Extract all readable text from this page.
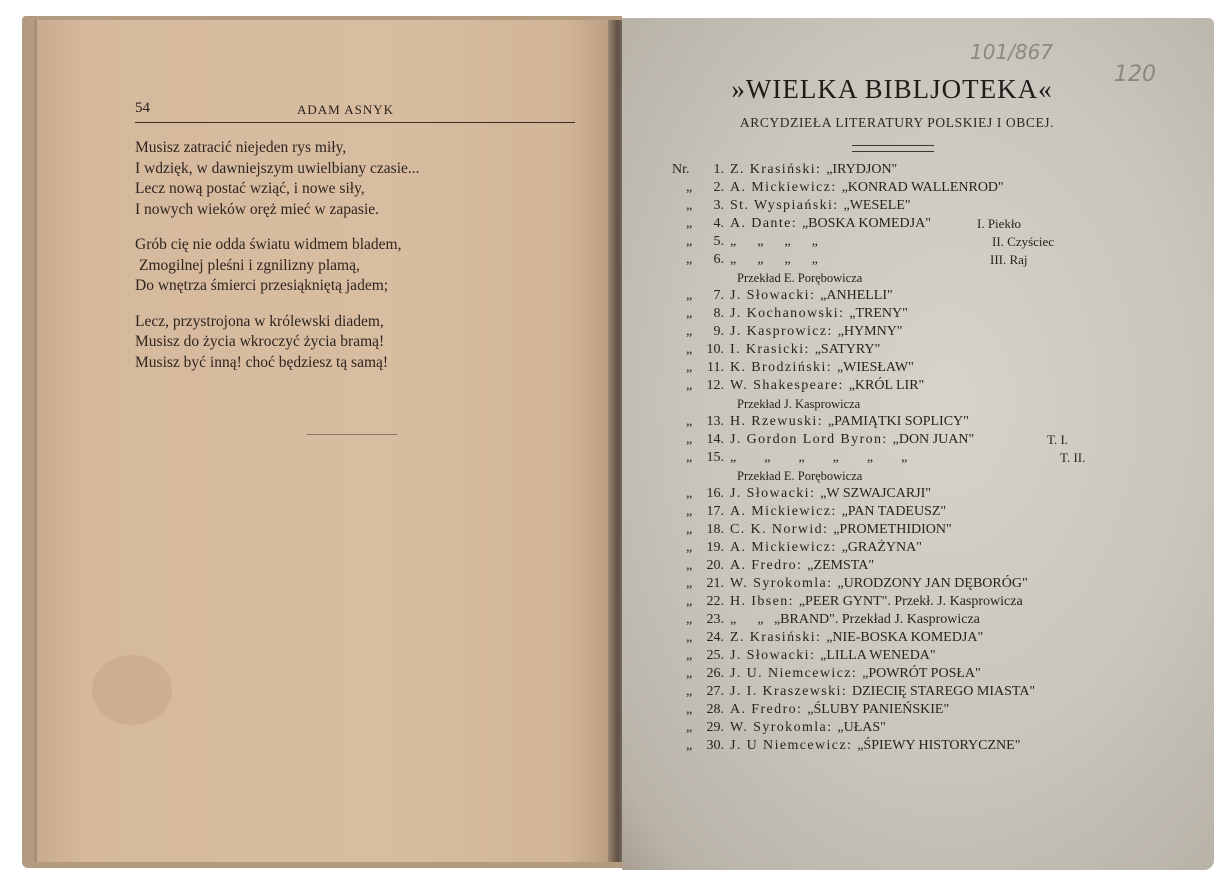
54	ADAM ASNYK
Musisz zatracić niejeden rys miły,
I wdzięk, w dawniejszym uwielbiany czasie...
Lecz nową postać wziąć, i nowe siły,
I nowych wieków oręż mieć w zapasie.
Grób cię nie odda światu widmem bladem,
Zmogilnej pleśni i zgnilizny plamą,
Do wnętrza śmierci przesiąkniętą jadem;
Lecz, przystrojona w królewski diadem,
Musisz do życia wkroczyć życia bramą!
Musisz być inną! choć będziesz tą samą!
101/867
120
»WIELKA BIBLJOTEKA«
ARCYDZIEŁA LITERATURY POLSKIEJ I OBCEJ.
Nr.	1. Z. Krasiński: „IRYDJON"
„	2. A. Mickiewicz: „KONRAD WALLENROD"
„	3. St. Wyspiański: „WESELE"
„	4. A. Dante: „BOSKA KOMEDJA"	I. Piekło
„	5. „      „      „      „	II. Czyściec
„	6. „      „      „      „	III. Raj
Przekład E. Porębowicza
„	7. J. Słowacki: „ANHELLI"
„	8. J. Kochanowski: „TRENY"
„	9. J. Kasprowicz: „HYMNY"
„	10. I. Krasicki: „SATYRY"
„	11. K. Brodziński: „WIESŁAW"
„	12. W. Shakespeare: „KRÓL LIR"
Przekład J. Kasprowicza
„	13. H. Rzewuski: „PAMIĄTKI SOPLICY"
„	14. J. Gordon Lord Byron: „DON JUAN"	T. I.
„	15. „        „        „        „        „        „	T. II.
Przekład E. Porębowicza
„	16. J. Słowacki: „W SZWAJCARJI"
„	17. A. Mickiewicz: „PAN TADEUSZ"
„	18. C. K. Norwid: „PROMETHIDION"
„	19. A. Mickiewicz: „GRAŻYNA"
„	20. A. Fredro: „ZEMSTA"
„	21. W. Syrokomla: „URODZONY JAN DĘBORÓG"
„	22. H. Ibsen: „PEER GYNT". Przekł. J. Kasprowicza
„	23. „      „   „BRAND". Przekład J. Kasprowicza
„	24. Z. Krasiński: „NIE-BOSKA KOMEDJA"
„	25. J. Słowacki: „LILLA WENEDA"
„	26. J. U. Niemcewicz: „POWRÓT POSŁA"
„	27. J. I. Kraszewski: DZIECIĘ STAREGO MIASTA"
„	28. A. Fredro: „ŚLUBY PANIEŃSKIE"
„	29. W. Syrokomla: „UŁAS"
„	30. J. U Niemcewicz: „ŚPIEWY HISTORYCZNE"
